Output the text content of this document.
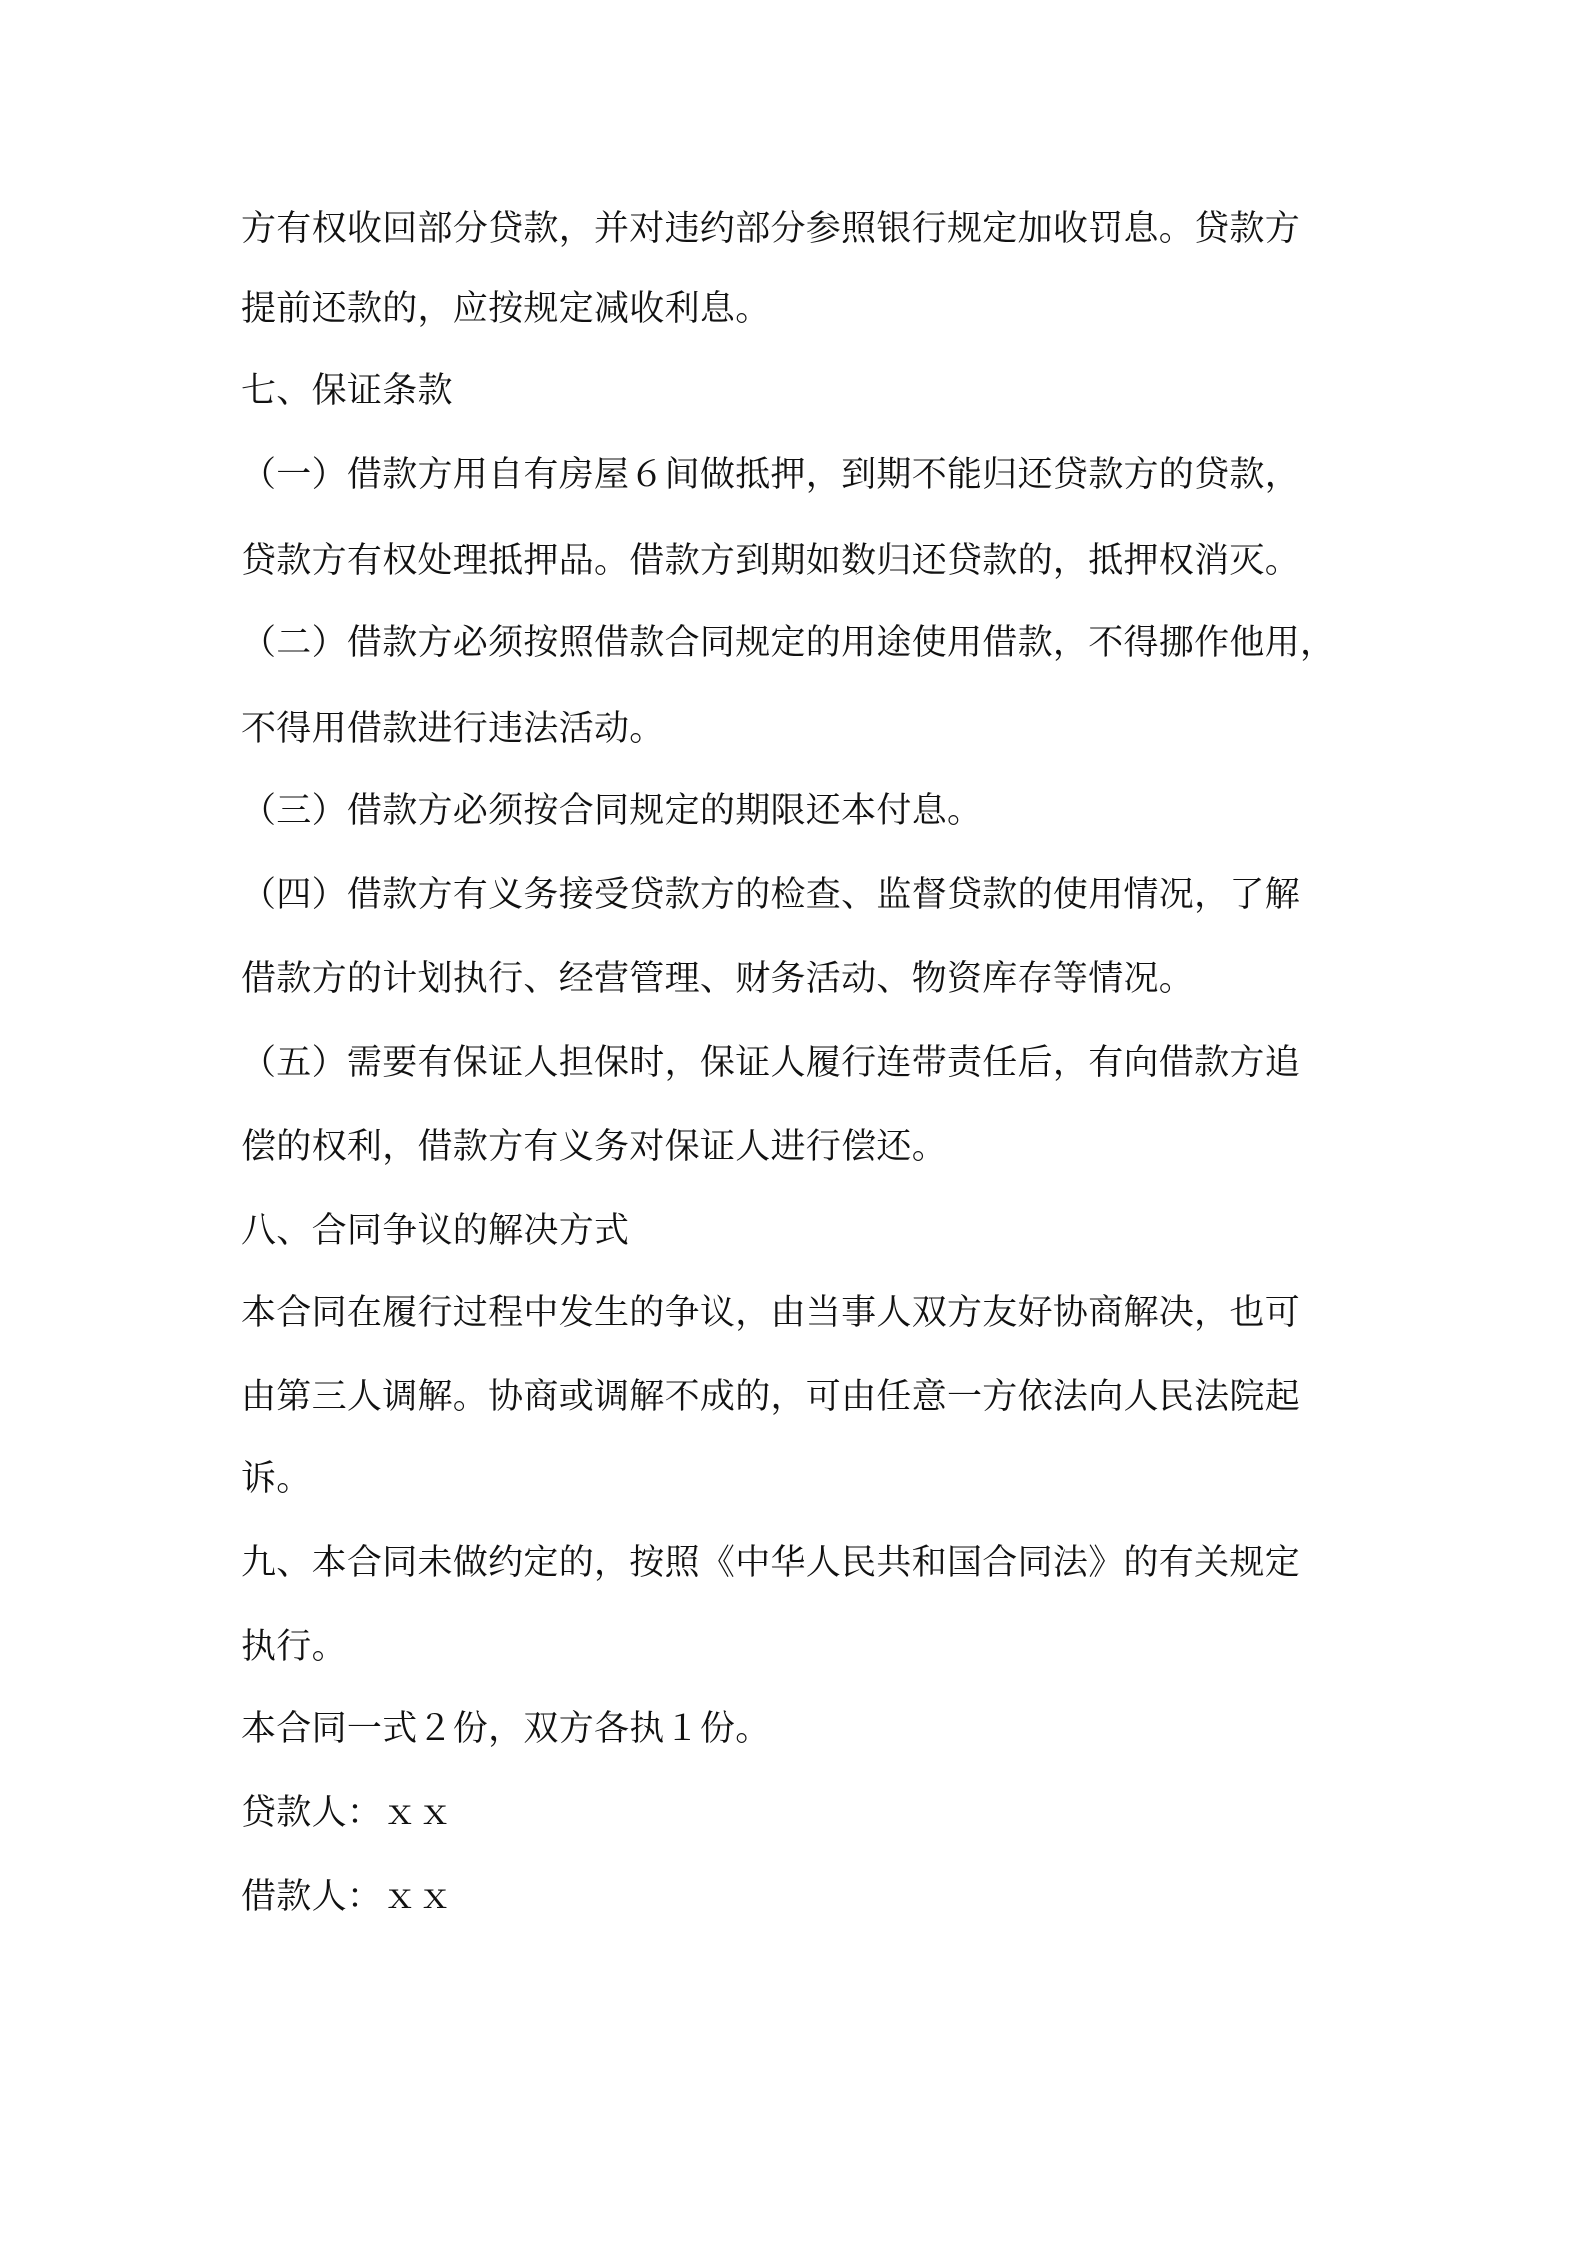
方有权收回部分贷款，并对违约部分参照银行规定加收罚息。贷款方
提前还款的，应按规定减收利息。
七、保证条款
（一）借款方用自有房屋６间做抵押，到期不能归还贷款方的贷款，
贷款方有权处理抵押品。借款方到期如数归还贷款的，抵押权消灭。
（二）借款方必须按照借款合同规定的用途使用借款，不得挪作他用，
不得用借款进行违法活动。
（三）借款方必须按合同规定的期限还本付息。
（四）借款方有义务接受贷款方的检查、监督贷款的使用情况，了解
借款方的计划执行、经营管理、财务活动、物资库存等情况。
（五）需要有保证人担保时，保证人履行连带责任后，有向借款方追
偿的权利，借款方有义务对保证人进行偿还。
八、合同争议的解决方式
本合同在履行过程中发生的争议，由当事人双方友好协商解决，也可
由第三人调解。协商或调解不成的，可由任意一方依法向人民法院起
诉。
九、本合同未做约定的，按照《中华人民共和国合同法》的有关规定
执行。
本合同一式２份，双方各执１份。
贷款人：ｘｘ
借款人：ｘｘ
